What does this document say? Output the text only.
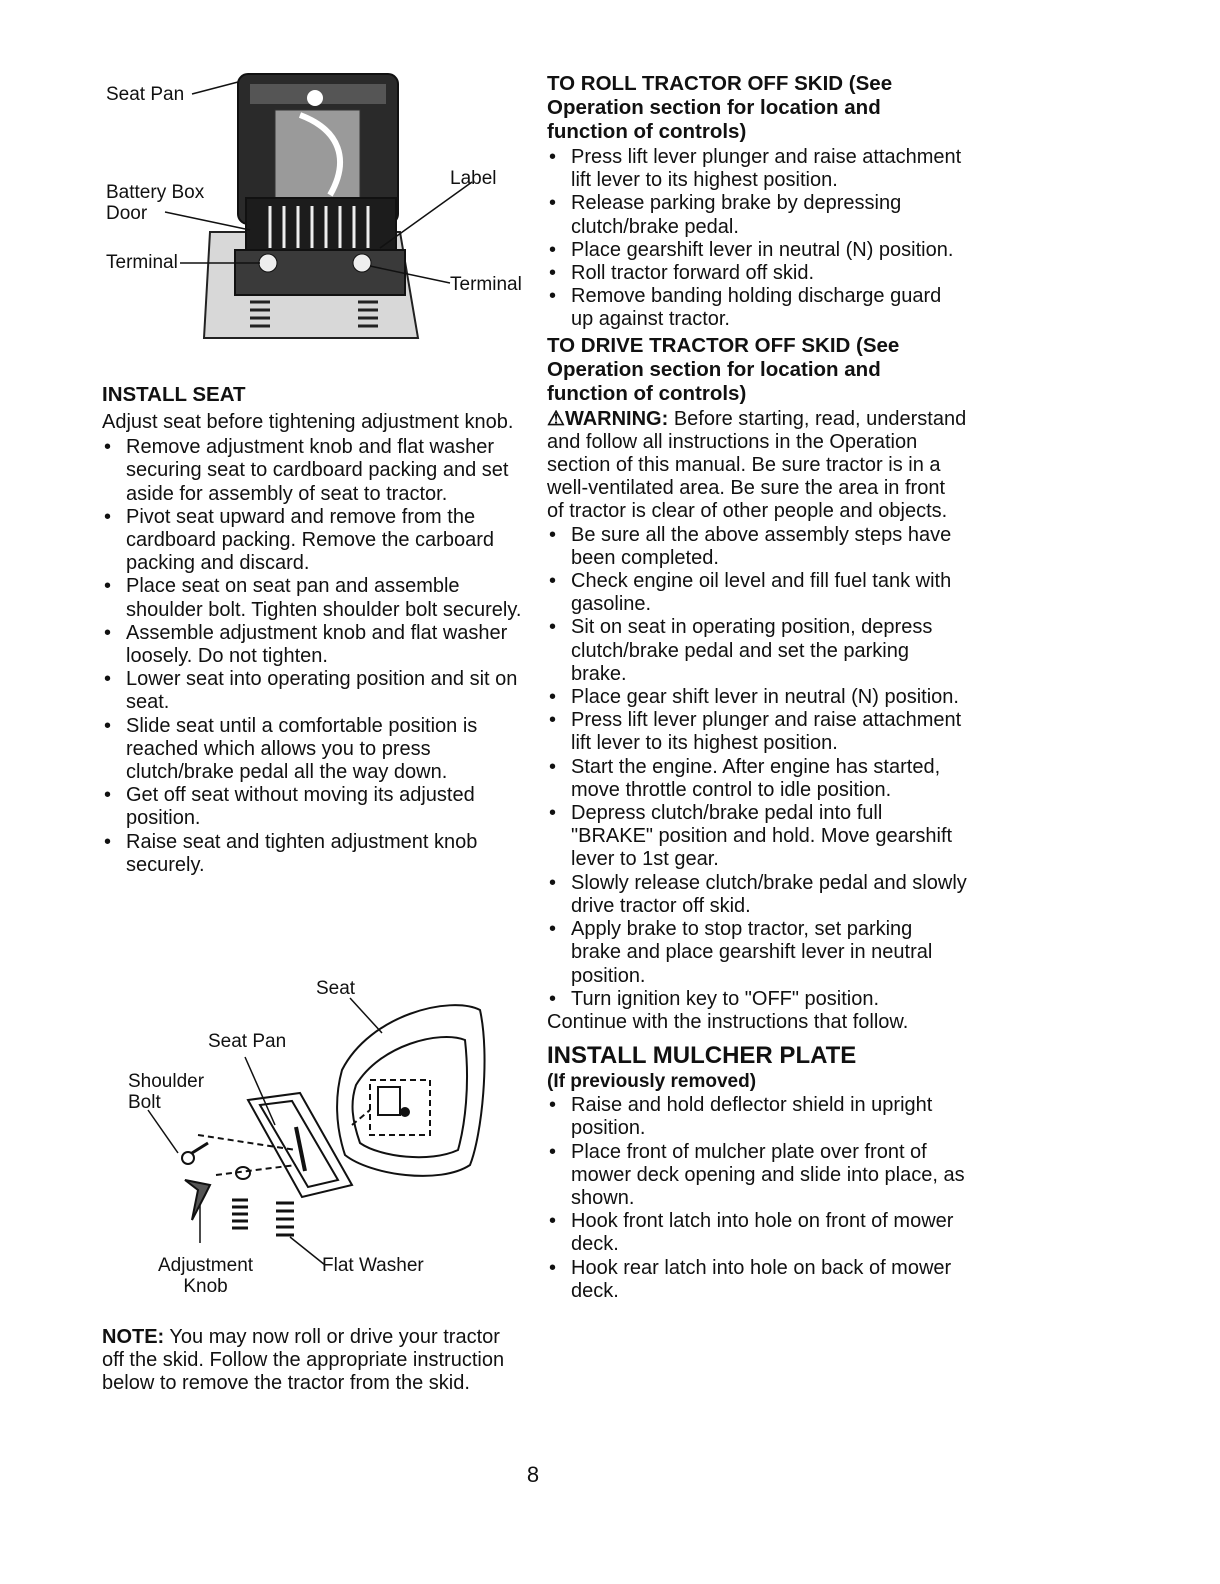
Seat Pan
Battery Box
Door
Terminal
Label
Terminal
INSTALL SEAT
Adjust seat before tightening adjustment knob.
• Remove adjustment knob and flat washer securing seat to cardboard packing and set aside for assembly of seat to tractor.
• Pivot seat upward and remove from the cardboard packing. Remove the carboard packing and discard.
• Place seat on seat pan and assemble shoulder bolt. Tighten shoulder bolt securely.
• Assemble adjustment knob and flat washer loosely. Do not tighten.
• Lower seat into operating position and sit on seat.
• Slide seat until a comfortable position is reached which allows you to press clutch/brake pedal all the way down.
• Get off seat without moving its adjusted position.
• Raise seat and tighten adjustment knob securely.
Seat
Seat Pan
Shoulder
Bolt
Adjustment
Knob
Flat Washer
NOTE: You may now roll or drive your tractor off the skid. Follow the appropriate instruction below to remove the tractor from the skid.
TO ROLL TRACTOR OFF SKID (See
Operation section for location and
function of controls)
• Press lift lever plunger and raise attachment lift lever to its highest position.
• Release parking brake by depressing clutch/brake pedal.
• Place gearshift lever in neutral (N) position.
• Roll tractor forward off skid.
• Remove banding holding discharge guard up against tractor.
TO DRIVE TRACTOR OFF SKID (See
Operation section for location and
function of controls)
⚠WARNING: Before starting, read, understand and follow all instructions in the Operation section of this manual. Be sure tractor is in a well-ventilated area. Be sure the area in front of tractor is clear of other people and objects.
• Be sure all the above assembly steps have been completed.
• Check engine oil level and fill fuel tank with gasoline.
• Sit on seat in operating position, depress clutch/brake pedal and set the parking brake.
• Place gear shift lever in neutral (N) position.
• Press lift lever plunger and raise attachment lift lever to its highest position.
• Start the engine. After engine has started, move throttle control to idle position.
• Depress clutch/brake pedal into full "BRAKE" position and hold. Move gearshift lever to 1st gear.
• Slowly release clutch/brake pedal and slowly drive tractor off skid.
• Apply brake to stop tractor, set parking brake and place gearshift lever in neutral position.
• Turn ignition key to "OFF" position.
Continue with the instructions that follow.
INSTALL MULCHER PLATE
(If previously removed)
• Raise and hold deflector shield in upright position.
• Place front of mulcher plate over front of mower deck opening and slide into place, as shown.
• Hook front latch into hole on front of mower deck.
• Hook rear latch into hole on back of mower deck.
8
